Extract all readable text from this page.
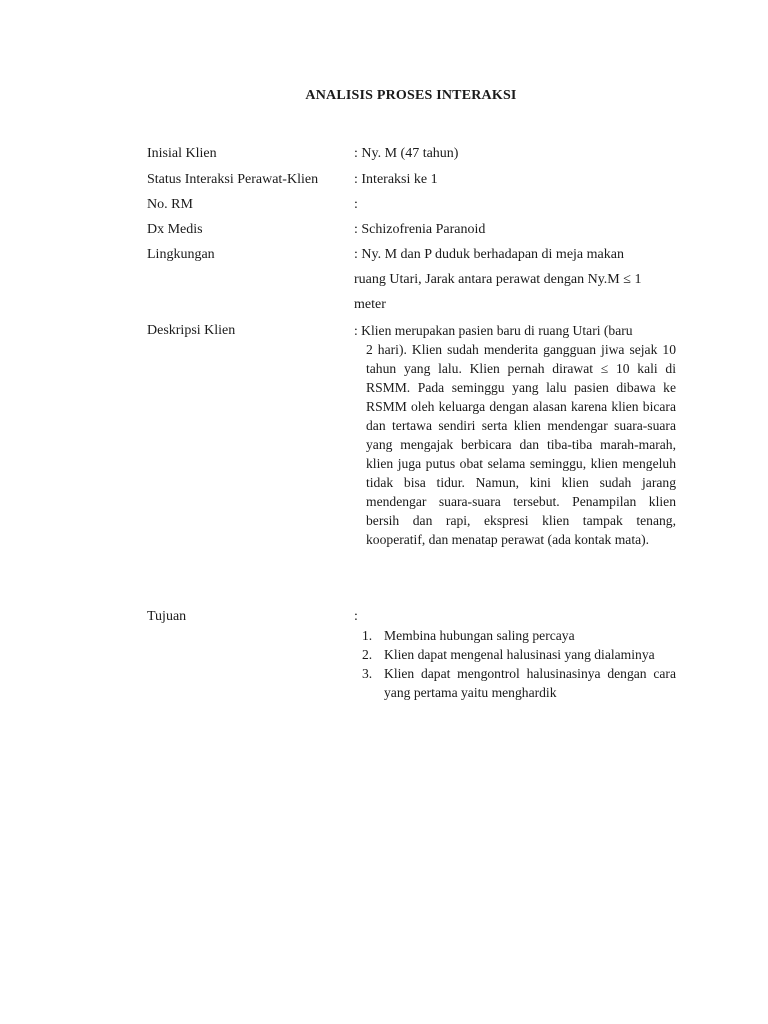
ANALISIS PROSES INTERAKSI
Inisial Klien	: Ny. M (47 tahun)
Status Interaksi Perawat-Klien	: Interaksi ke 1
No. RM	:
Dx Medis	: Schizofrenia Paranoid
Lingkungan	: Ny. M dan P duduk berhadapan di meja makan
ruang Utari, Jarak antara perawat dengan Ny.M ≤ 1
meter
Deskripsi Klien	: Klien merupakan pasien baru di ruang Utari (baru
2 hari). Klien sudah menderita gangguan jiwa sejak 10 tahun yang lalu. Klien pernah dirawat ≤ 10 kali di RSMM. Pada seminggu yang lalu pasien dibawa ke RSMM oleh keluarga dengan alasan karena klien bicara dan tertawa sendiri serta klien mendengar suara-suara yang mengajak berbicara dan tiba-tiba marah-marah, klien juga putus obat selama seminggu, klien mengeluh tidak bisa tidur. Namun, kini klien sudah jarang mendengar suara-suara tersebut. Penampilan klien bersih dan rapi, ekspresi klien tampak tenang, kooperatif, dan menatap perawat (ada kontak mata).
Tujuan	:
1. Membina hubungan saling percaya
2. Klien dapat mengenal halusinasi yang dialaminya
3. Klien dapat mengontrol halusinasinya dengan cara yang pertama yaitu menghardik
